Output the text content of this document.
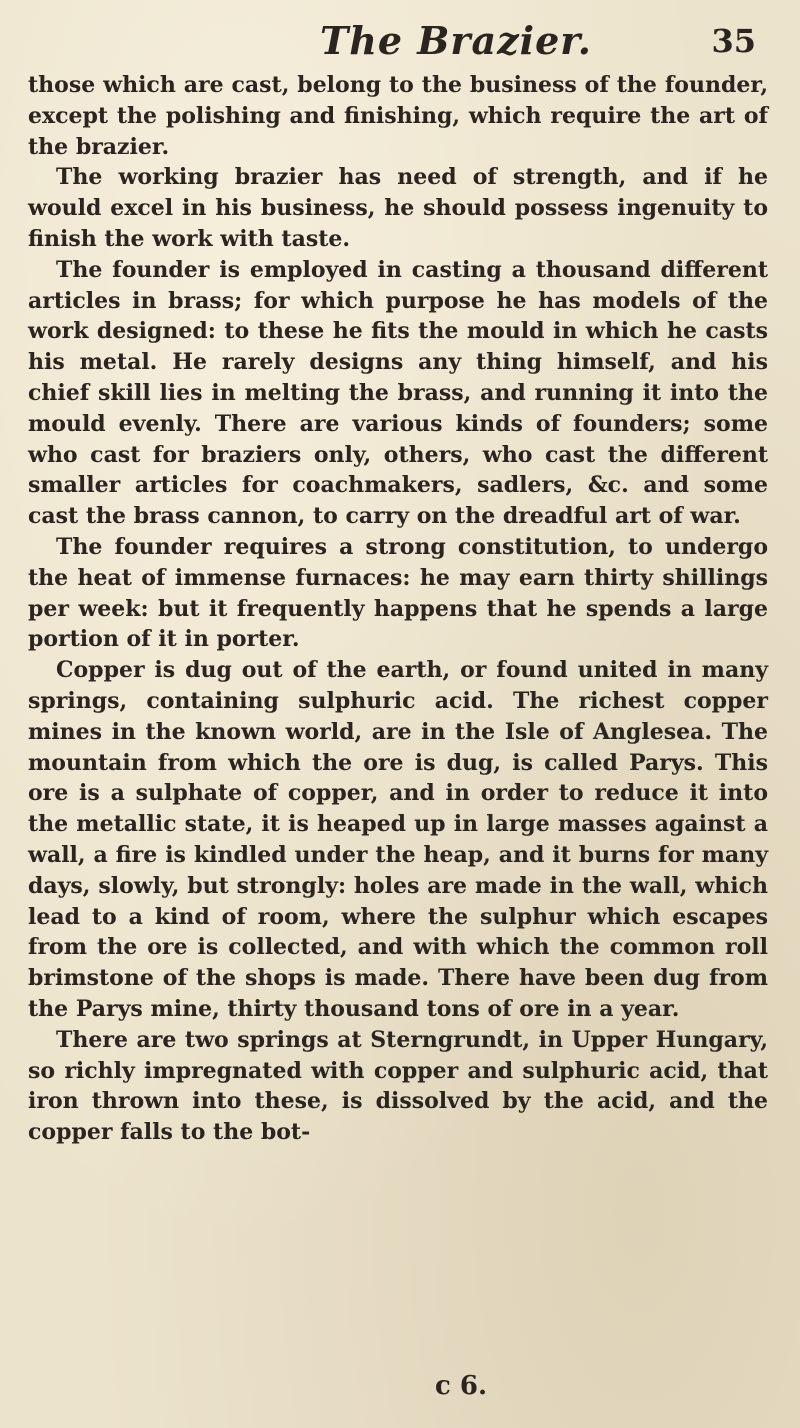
The Brazier.	35

those which are cast, belong to the business of the founder, except the polishing and finishing, which require the art of the brazier.

The working brazier has need of strength, and if he would excel in his business, he should possess ingenuity to finish the work with taste.

The founder is employed in casting a thousand different articles in brass; for which purpose he has models of the work designed: to these he fits the mould in which he casts his metal. He rarely designs any thing himself, and his chief skill lies in melting the brass, and running it into the mould evenly. There are various kinds of founders; some who cast for braziers only, others, who cast the different smaller articles for coachmakers, sadlers, &c. and some cast the brass cannon, to carry on the dreadful art of war.

The founder requires a strong constitution, to undergo the heat of immense furnaces: he may earn thirty shillings per week: but it frequently happens that he spends a large portion of it in porter.

Copper is dug out of the earth, or found united in many springs, containing sulphuric acid. The richest copper mines in the known world, are in the Isle of Anglesea. The mountain from which the ore is dug, is called Parys. This ore is a sulphate of copper, and in order to reduce it into the metallic state, it is heaped up in large masses against a wall, a fire is kindled under the heap, and it burns for many days, slowly, but strongly: holes are made in the wall, which lead to a kind of room, where the sulphur which escapes from the ore is collected, and with which the common roll brimstone of the shops is made. There have been dug from the Parys mine, thirty thousand tons of ore in a year.

There are two springs at Sterngrundt, in Upper Hungary, so richly impregnated with copper and sulphuric acid, that iron thrown into these, is dissolved by the acid, and the copper falls to the bot-

c 6.
